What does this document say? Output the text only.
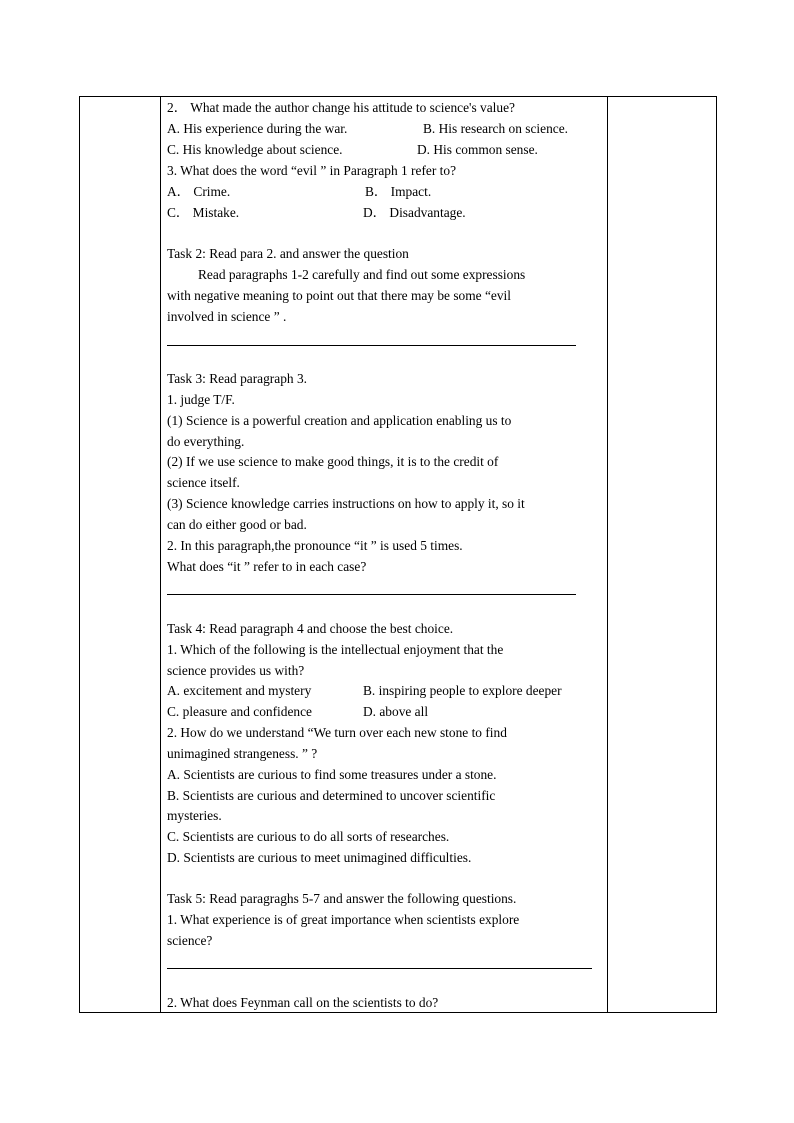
2． What made the author change his attitude to science's value?
A. His experience during the war.	B. His research on science.
C. His knowledge about science.	D. His common sense.
3. What does the word “evil ” in Paragraph 1 refer to?
A． Crime.	B． Impact.
C． Mistake.	D． Disadvantage.
Task 2: Read para 2. and answer the question
Read paragraphs 1-2 carefully and find out some expressions
with negative meaning to point out that there may be some “evil
involved in science ” .
Task 3: Read paragraph 3.
1. judge T/F.
(1) Science is a powerful creation and application enabling us to
do everything.
(2) If we use science to make good things, it is to the credit of
science itself.
(3) Science knowledge carries instructions on how to apply it, so it
can do either good or bad.
2. In this paragraph,the pronounce “it ” is used 5 times.
What does “it ” refer to in each case?
Task 4: Read paragraph 4 and choose the best choice.
1. Which of the following is the intellectual enjoyment that the
science provides us with?
A. excitement and mystery	B. inspiring people to explore deeper
C. pleasure and confidence	D. above all
2. How do we understand “We turn over each new stone to find
unimagined strangeness. ” ?
A. Scientists are curious to find some treasures under a stone.
B. Scientists are curious and determined to uncover scientific
mysteries.
C. Scientists are curious to do all sorts of researches.
D. Scientists are curious to meet unimagined difficulties.
Task 5: Read paragraghs 5-7 and answer the following questions.
1. What experience is of great importance when scientists explore
science?
2. What does Feynman call on the scientists to do?
